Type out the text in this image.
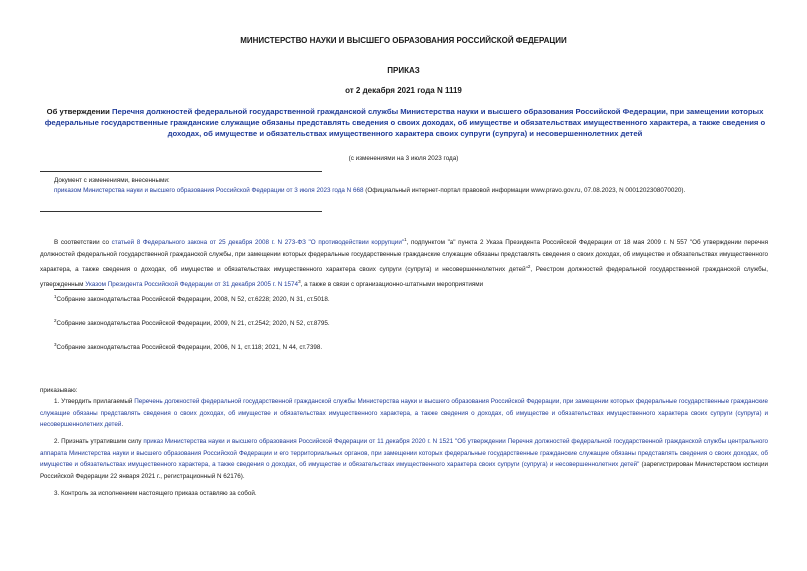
МИНИСТЕРСТВО НАУКИ И ВЫСШЕГО ОБРАЗОВАНИЯ РОССИЙСКОЙ ФЕДЕРАЦИИ
ПРИКАЗ
от 2 декабря 2021 года N 1119
Об утверждении Перечня должностей федеральной государственной гражданской службы Министерства науки и высшего образования Российской Федерации, при замещении которых федеральные государственные гражданские служащие обязаны представлять сведения о своих доходах, об имуществе и обязательствах имущественного характера, а также сведения о доходах, об имуществе и обязательствах имущественного характера своих супруги (супруга) и несовершеннолетних детей
(с изменениями на 3 июля 2023 года)
Документ с изменениями, внесенными:
приказом Министерства науки и высшего образования Российской Федерации от 3 июля 2023 года N 668 (Официальный интернет-портал правовой информации www.pravo.gov.ru, 07.08.2023, N 0001202308070020).
В соответствии со статьей 8 Федерального закона от 25 декабря 2008 г. N 273-ФЗ "О противодействии коррупции"$^1$, подпунктом "а" пункта 2 Указа Президента Российской Федерации от 18 мая 2009 г. N 557 "Об утверждении перечня должностей федеральной государственной гражданской службы, при замещении которых федеральные государственные гражданские служащие обязаны представлять сведения о своих доходах, об имуществе и обязательствах имущественного характера, а также сведения о доходах, об имуществе и обязательствах имущественного характера своих супруги (супруга) и несовершеннолетних детей"$^2$, Реестром должностей федеральной государственной гражданской службы, утвержденным Указом Президента Российской Федерации от 31 декабря 2005 г. N 1574$^3$, а также в связи с организационно-штатными мероприятиями
$^1$Собрание законодательства Российской Федерации, 2008, N 52, ст.6228; 2020, N 31, ст.5018.
$^2$Собрание законодательства Российской Федерации, 2009, N 21, ст.2542; 2020, N 52, ст.8795.
$^3$Собрание законодательства Российской Федерации, 2006, N 1, ст.118; 2021, N 44, ст.7398.
приказываю:
1. Утвердить прилагаемый Перечень должностей федеральной государственной гражданской службы Министерства науки и высшего образования Российской Федерации, при замещении которых федеральные государственные гражданские служащие обязаны представлять сведения о своих доходах, об имуществе и обязательствах имущественного характера, а также сведения о доходах, об имуществе и обязательствах имущественного характера своих супруги (супруга) и несовершеннолетних детей.
2. Признать утратившим силу приказ Министерства науки и высшего образования Российской Федерации от 11 декабря 2020 г. N 1521 "Об утверждении Перечня должностей федеральной государственной гражданской службы центрального аппарата Министерства науки и высшего образования Российской Федерации и его территориальных органов, при замещении которых федеральные государственные гражданские служащие обязаны представлять сведения о своих доходах, об имуществе и обязательствах имущественного характера, а также сведения о доходах, об имуществе и обязательствах имущественного характера своих супруги (супруга) и несовершеннолетних детей" (зарегистрирован Министерством юстиции Российской Федерации 22 января 2021 г., регистрационный N 62176).
3. Контроль за исполнением настоящего приказа оставляю за собой.
